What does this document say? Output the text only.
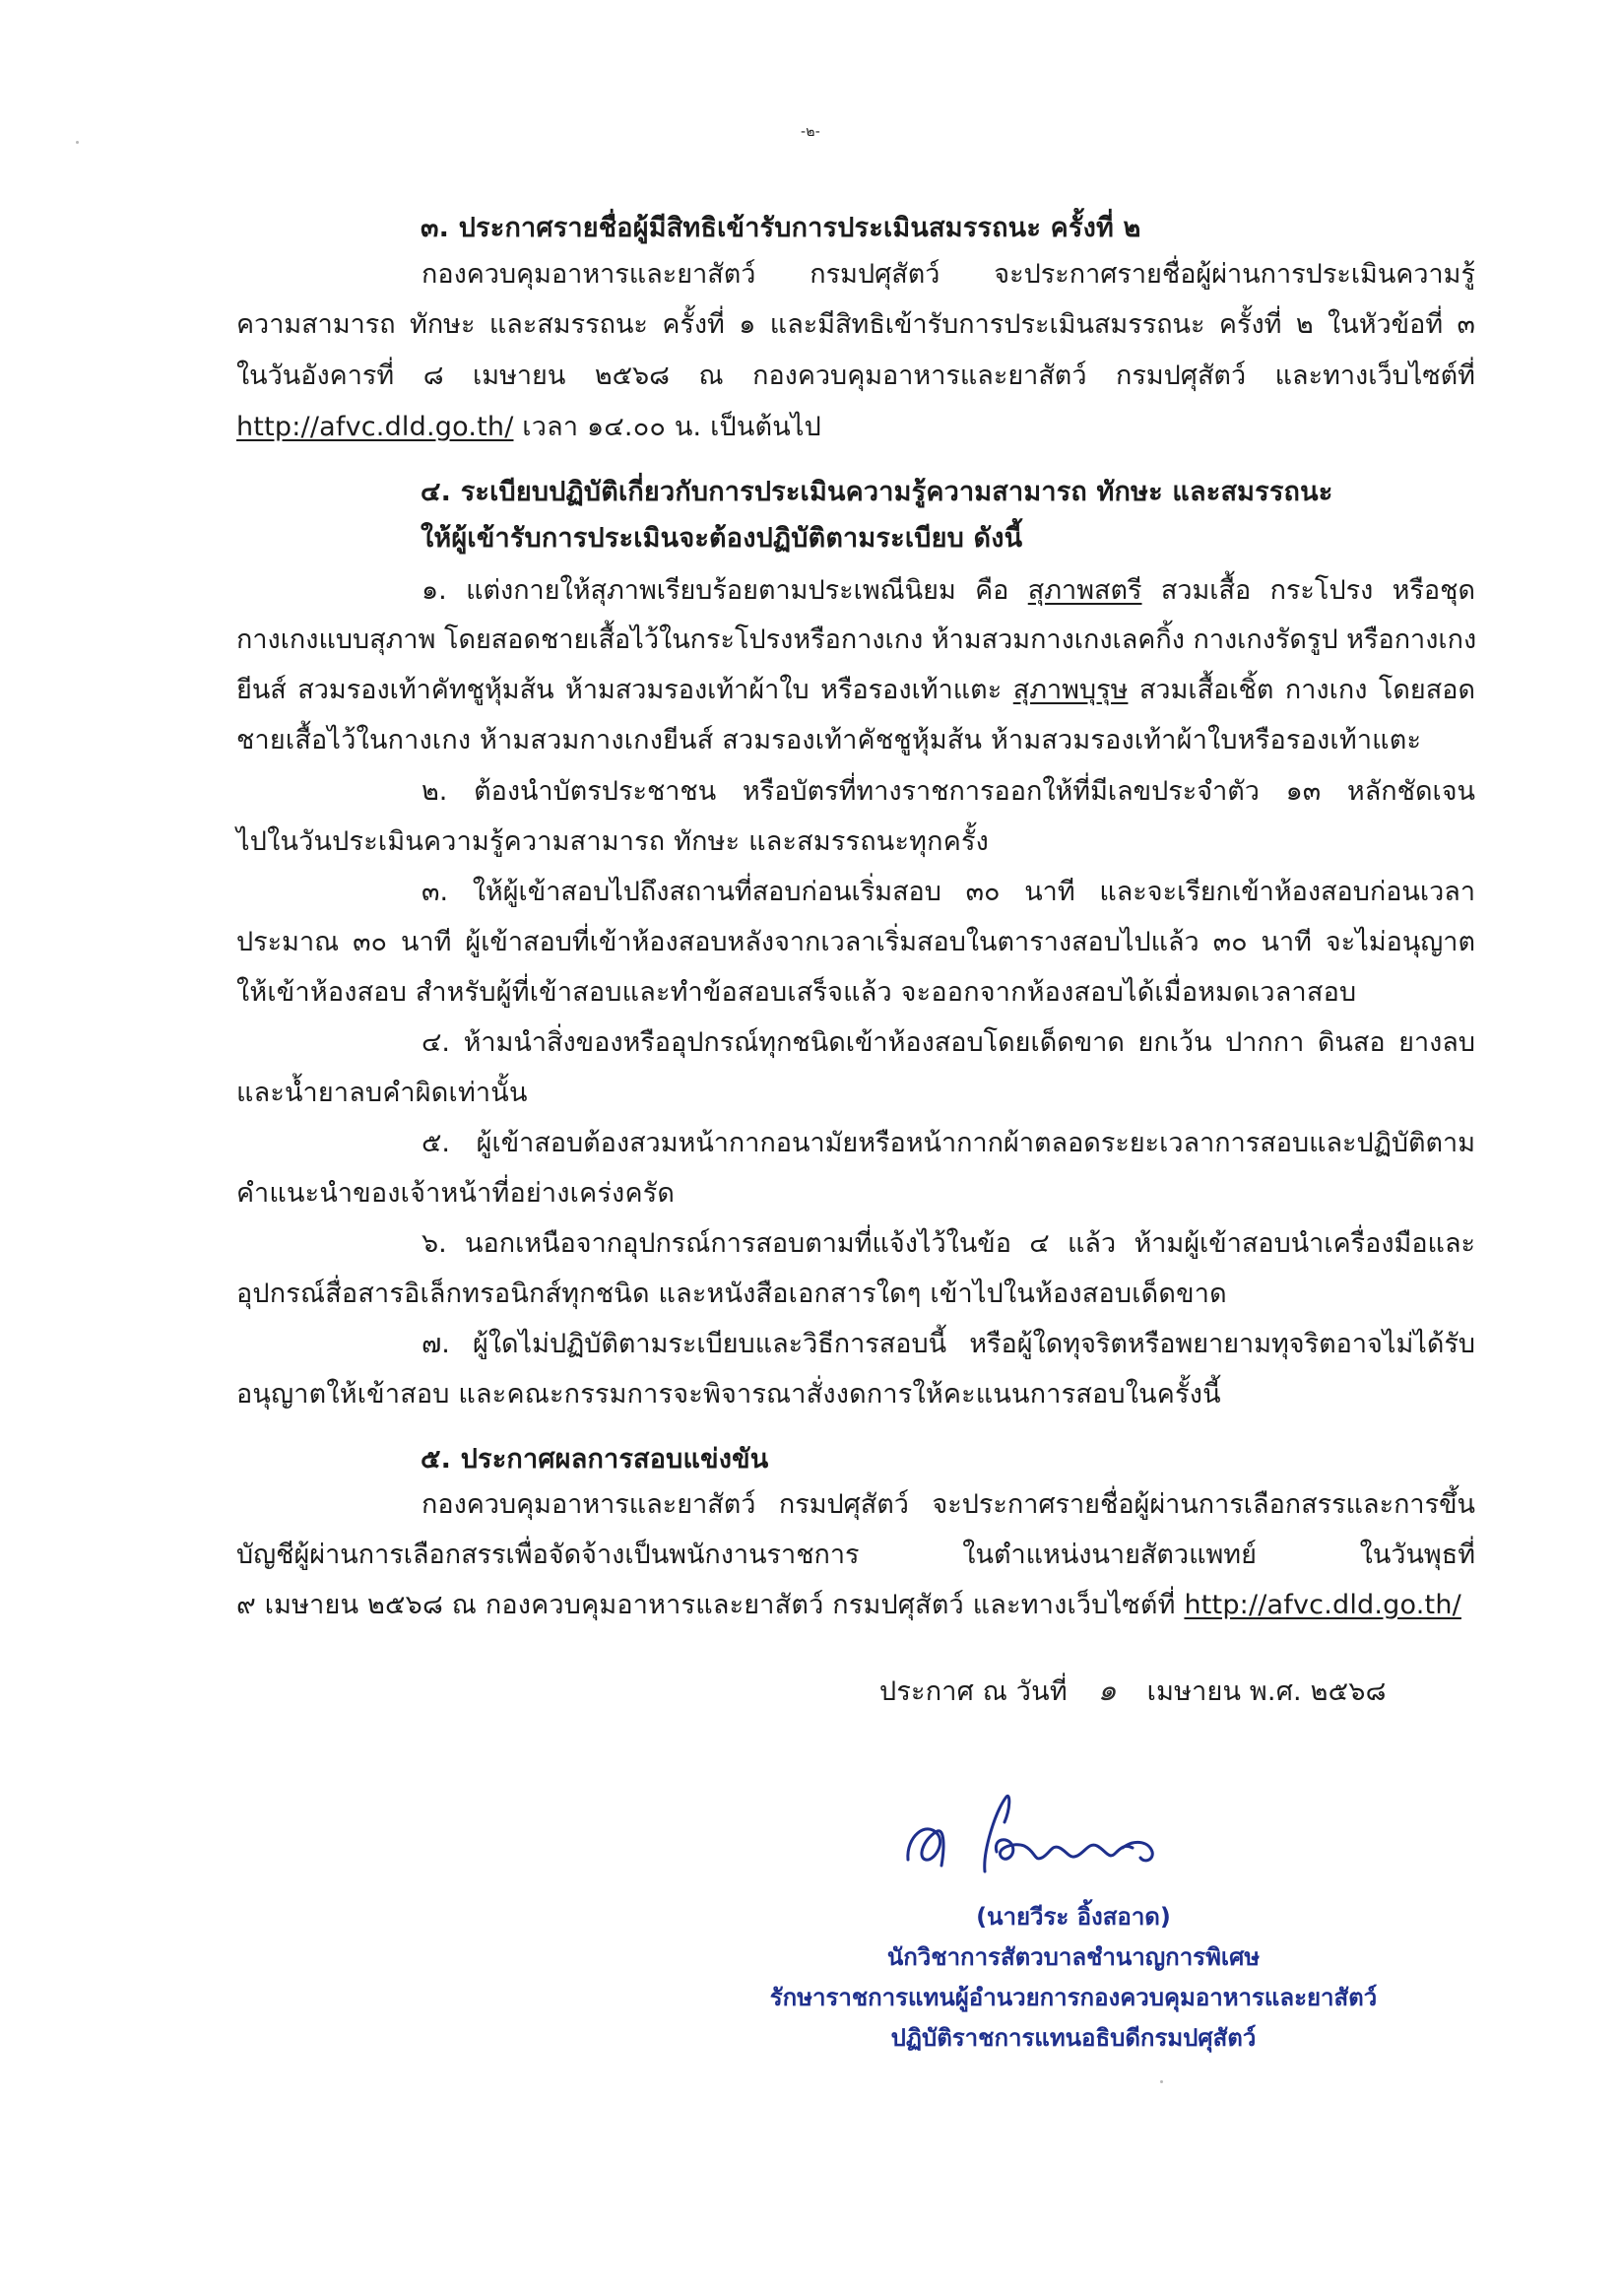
-๒-
๓. ประกาศรายชื่อผู้มีสิทธิเข้ารับการประเมินสมรรถนะ ครั้งที่ ๒
กองควบคุมอาหารและยาสัตว์ กรมปศุสัตว์ จะประกาศรายชื่อผู้ผ่านการประเมินความรู้
ความสามารถ ทักษะ และสมรรถนะ ครั้งที่ ๑ และมีสิทธิเข้ารับการประเมินสมรรถนะ ครั้งที่ ๒ ในหัวข้อที่ ๓
ในวันอังคารที่ ๘ เมษายน ๒๕๖๘ ณ กองควบคุมอาหารและยาสัตว์ กรมปศุสัตว์ และทางเว็บไซต์ที่
http://afvc.dld.go.th/ เวลา ๑๔.๐๐ น. เป็นต้นไป
๔. ระเบียบปฏิบัติเกี่ยวกับการประเมินความรู้ความสามารถ ทักษะ และสมรรถนะ
ให้ผู้เข้ารับการประเมินจะต้องปฏิบัติตามระเบียบ ดังนี้
๑. แต่งกายให้สุภาพเรียบร้อยตามประเพณีนิยม คือ สุภาพสตรี สวมเสื้อ กระโปรง หรือชุด
กางเกงแบบสุภาพ โดยสอดชายเสื้อไว้ในกระโปรงหรือกางเกง ห้ามสวมกางเกงเลคกิ้ง กางเกงรัดรูป หรือกางเกง
ยีนส์ สวมรองเท้าคัทชูหุ้มส้น ห้ามสวมรองเท้าผ้าใบ หรือรองเท้าแตะ สุภาพบุรุษ สวมเสื้อเชิ้ต กางเกง โดยสอด
ชายเสื้อไว้ในกางเกง ห้ามสวมกางเกงยีนส์ สวมรองเท้าคัชชูหุ้มส้น ห้ามสวมรองเท้าผ้าใบหรือรองเท้าแตะ
๒. ต้องนำบัตรประชาชน หรือบัตรที่ทางราชการออกให้ที่มีเลขประจำตัว ๑๓ หลักชัดเจน
ไปในวันประเมินความรู้ความสามารถ ทักษะ และสมรรถนะทุกครั้ง
๓. ให้ผู้เข้าสอบไปถึงสถานที่สอบก่อนเริ่มสอบ ๓๐ นาที และจะเรียกเข้าห้องสอบก่อนเวลา
ประมาณ ๓๐ นาที ผู้เข้าสอบที่เข้าห้องสอบหลังจากเวลาเริ่มสอบในตารางสอบไปแล้ว ๓๐ นาที จะไม่อนุญาต
ให้เข้าห้องสอบ สำหรับผู้ที่เข้าสอบและทำข้อสอบเสร็จแล้ว จะออกจากห้องสอบได้เมื่อหมดเวลาสอบ
๔. ห้ามนำสิ่งของหรืออุปกรณ์ทุกชนิดเข้าห้องสอบโดยเด็ดขาด ยกเว้น ปากกา ดินสอ ยางลบ
และน้ำยาลบคำผิดเท่านั้น
๕. ผู้เข้าสอบต้องสวมหน้ากากอนามัยหรือหน้ากากผ้าตลอดระยะเวลาการสอบและปฏิบัติตาม
คำแนะนำของเจ้าหน้าที่อย่างเคร่งครัด
๖. นอกเหนือจากอุปกรณ์การสอบตามที่แจ้งไว้ในข้อ ๔ แล้ว ห้ามผู้เข้าสอบนำเครื่องมือและ
อุปกรณ์สื่อสารอิเล็กทรอนิกส์ทุกชนิด และหนังสือเอกสารใดๆ เข้าไปในห้องสอบเด็ดขาด
๗. ผู้ใดไม่ปฏิบัติตามระเบียบและวิธีการสอบนี้ หรือผู้ใดทุจริตหรือพยายามทุจริตอาจไม่ได้รับ
อนุญาตให้เข้าสอบ และคณะกรรมการจะพิจารณาสั่งงดการให้คะแนนการสอบในครั้งนี้
๕. ประกาศผลการสอบแข่งขัน
กองควบคุมอาหารและยาสัตว์ กรมปศุสัตว์ จะประกาศรายชื่อผู้ผ่านการเลือกสรรและการขึ้น
บัญชีผู้ผ่านการเลือกสรรเพื่อจัดจ้างเป็นพนักงานราชการ ในตำแหน่งนายสัตวแพทย์ ในวันพุธที่
๙ เมษายน ๒๕๖๘ ณ กองควบคุมอาหารและยาสัตว์ กรมปศุสัตว์ และทางเว็บไซต์ที่ http://afvc.dld.go.th/
ประกาศ ณ วันที่ ๑ เมษายน พ.ศ. ๒๕๖๘
(นายวีระ อิ้งสอาด)
นักวิชาการสัตวบาลชำนาญการพิเศษ
รักษาราชการแทนผู้อำนวยการกองควบคุมอาหารและยาสัตว์
ปฏิบัติราชการแทนอธิบดีกรมปศุสัตว์
